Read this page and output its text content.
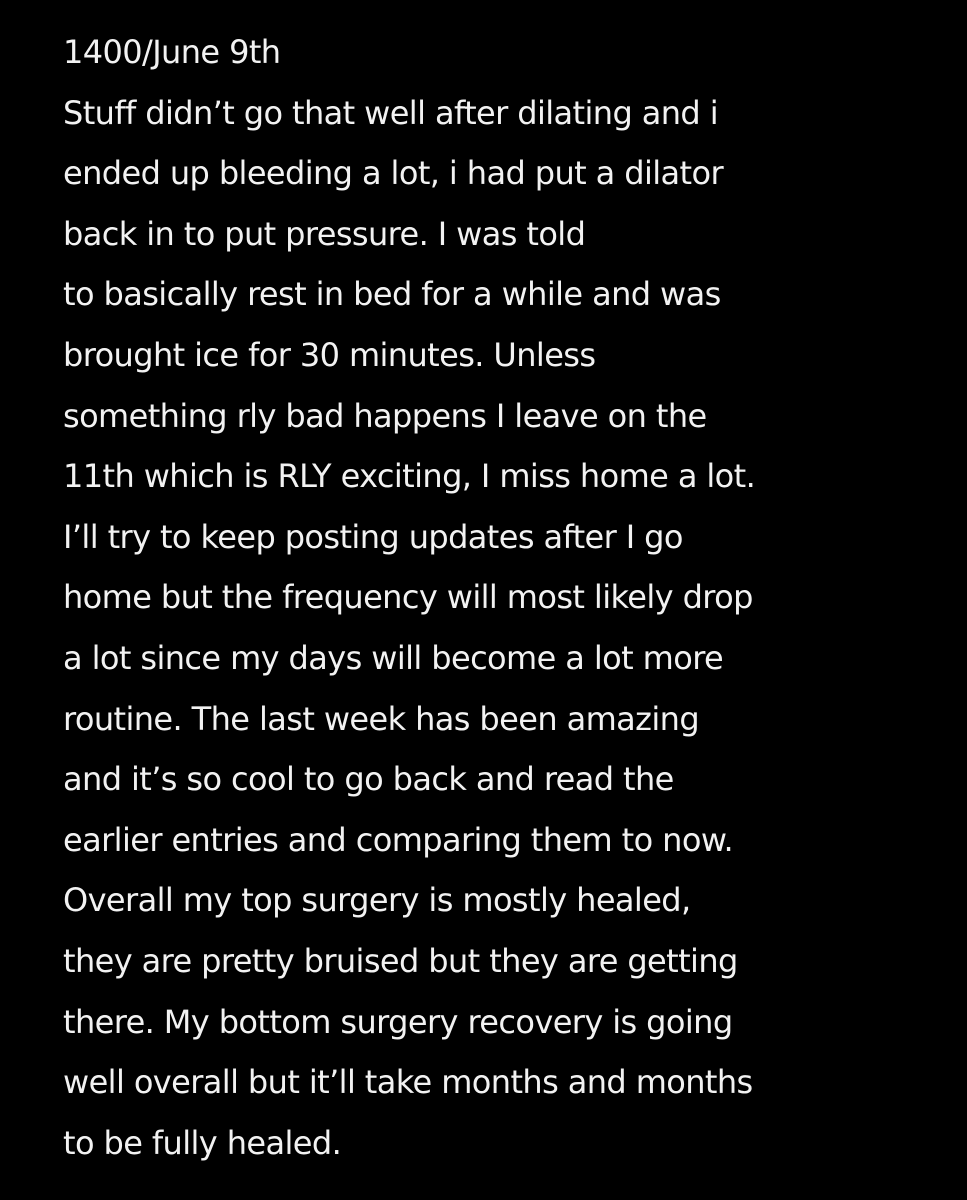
1400/June 9th
Stuff didn’t go that well after dilating and i
ended up bleeding a lot, i had put a dilator
back in to put pressure. I was told
to basically rest in bed for a while and was
brought ice for 30 minutes. Unless
something rly bad happens I leave on the
11th which is RLY exciting, I miss home a lot.
I’ll try to keep posting updates after I go
home but the frequency will most likely drop
a lot since my days will become a lot more
routine. The last week has been amazing
and it’s so cool to go back and read the
earlier entries and comparing them to now.
Overall my top surgery is mostly healed,
they are pretty bruised but they are getting
there. My bottom surgery recovery is going
well overall but it’ll take months and months
to be fully healed.
